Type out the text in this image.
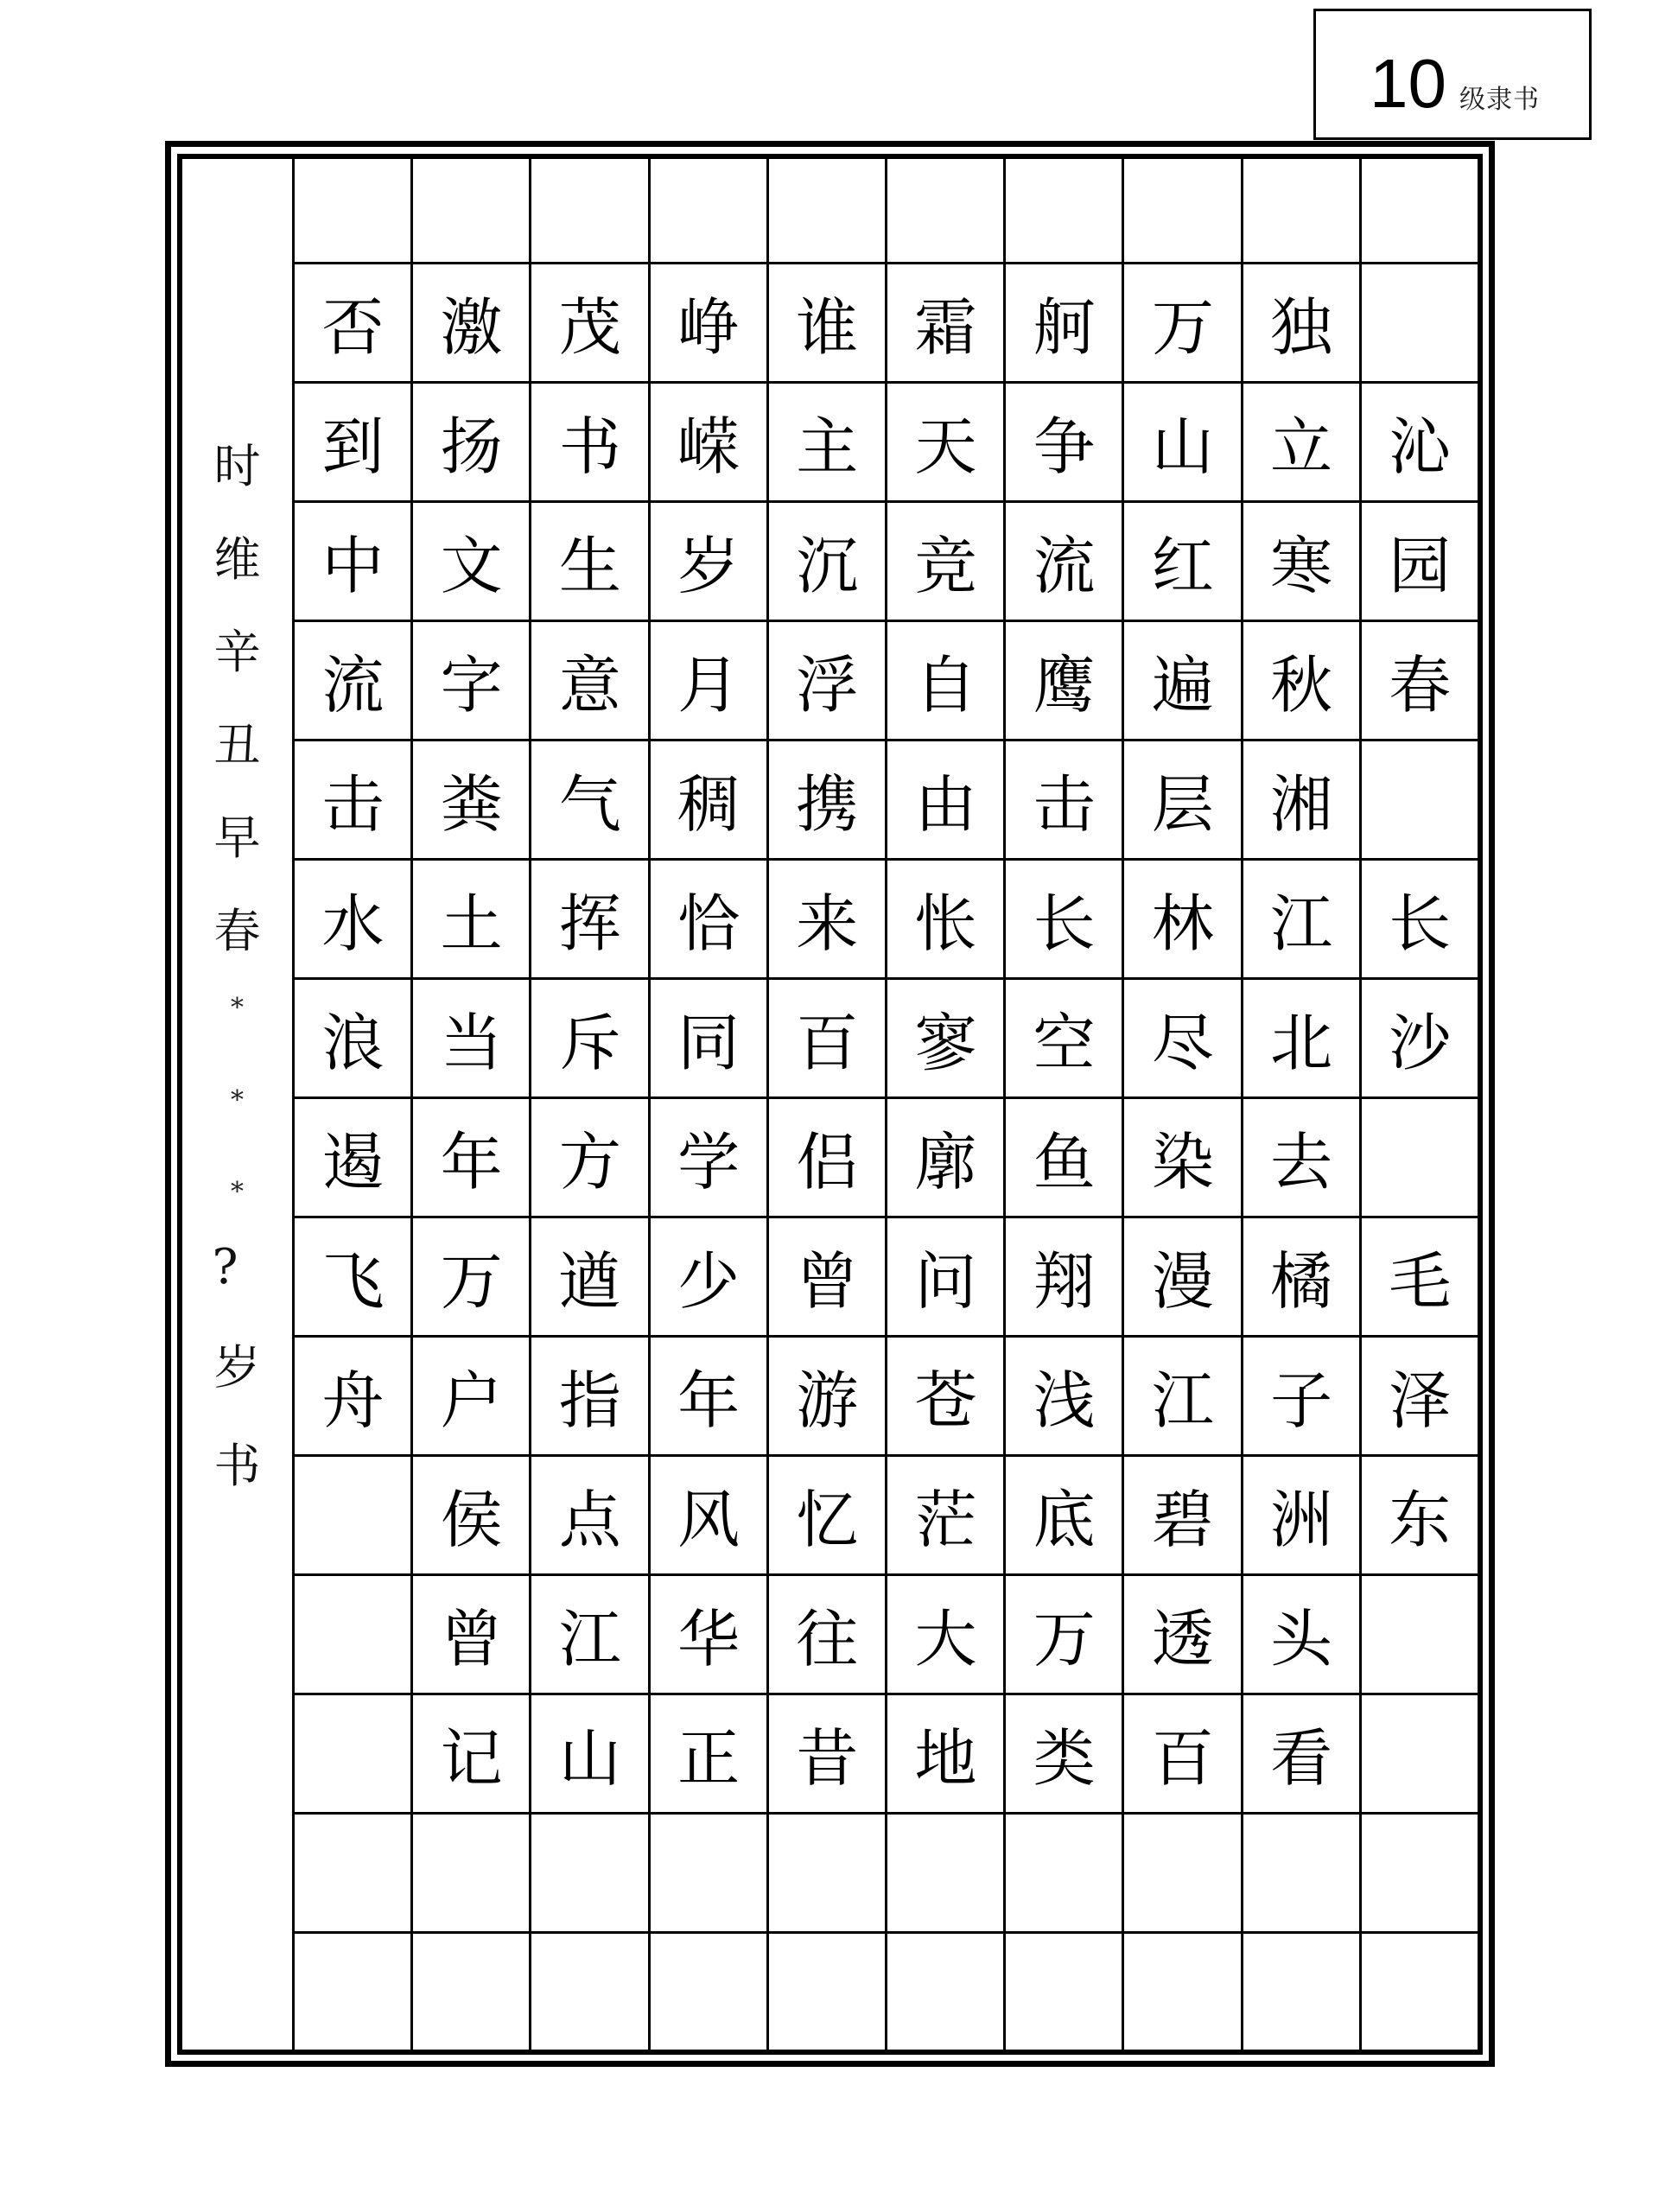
10 级隶书
时
维
辛
丑
早
春
*
*
*
?
岁
书
沁
园
春
长
沙
毛
泽
东
独
立
寒
秋
湘
江
北
去
橘
子
洲
头
看
万
山
红
遍
层
林
尽
染
漫
江
碧
透
百
舸
争
流
鹰
击
长
空
鱼
翔
浅
底
万
类
霜
天
竞
自
由
怅
寥
廓
问
苍
茫
大
地
谁
主
沉
浮
携
来
百
侣
曾
游
忆
往
昔
峥
嵘
岁
月
稠
恰
同
学
少
年
风
华
正
茂
书
生
意
气
挥
斥
方
遒
指
点
江
山
激
扬
文
字
粪
土
当
年
万
户
侯
曾
记
否
到
中
流
击
水
浪
遏
飞
舟
